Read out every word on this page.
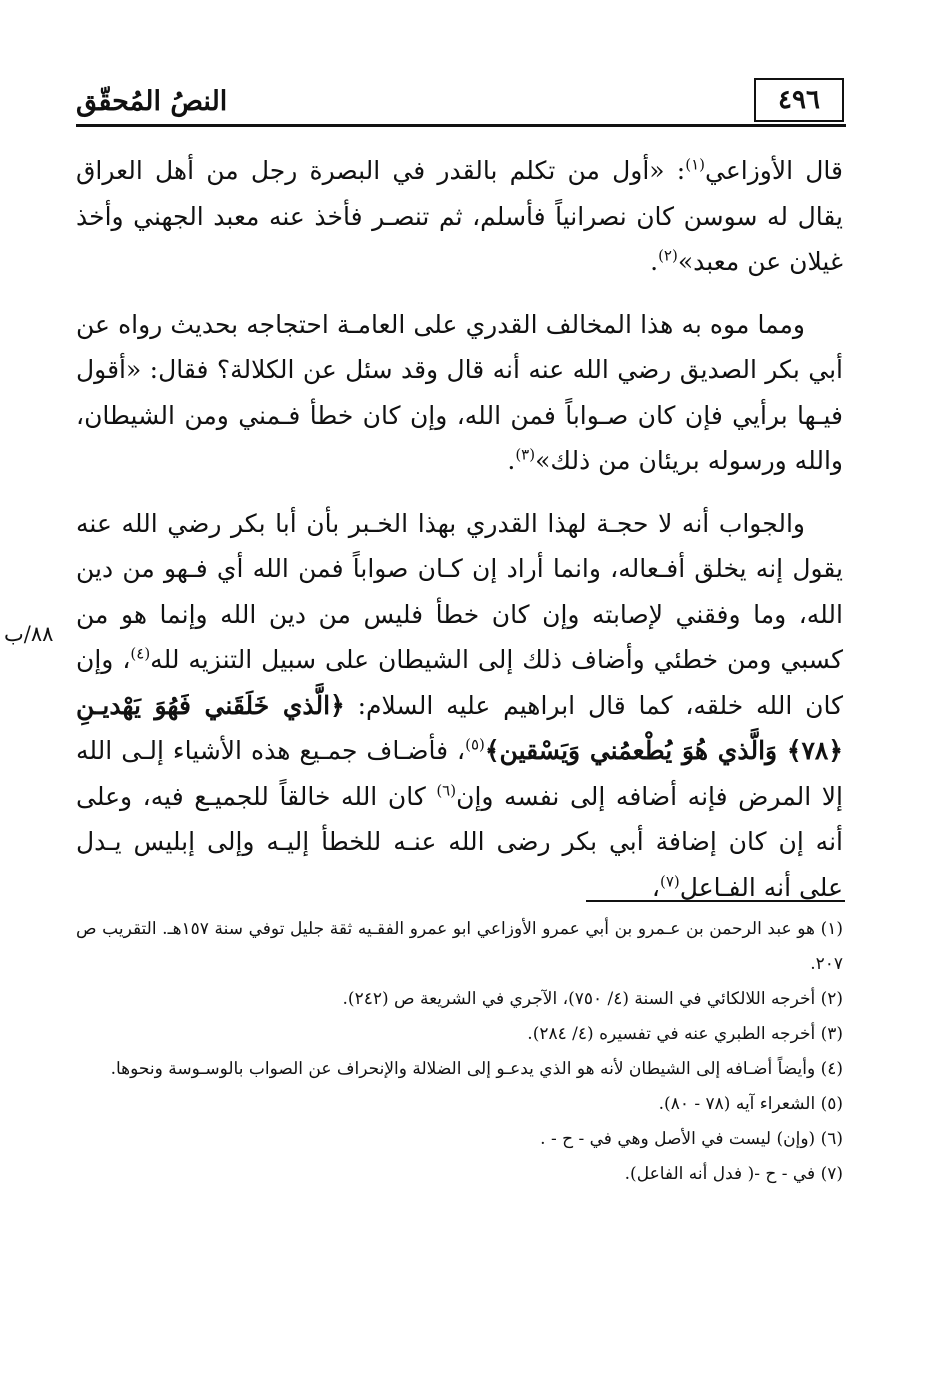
النصُ المُحقّق	٤٩٦
٨٨/ب

قال الأوزاعي$^{(١)}$: «أول من تكلم بالقدر في البصرة رجل من أهل العراق يقال له سوسن كان نصرانياً فأسلم، ثم تنصـر فأخذ عنه معبد الجهني وأخذ غيلان عن معبد»$^{(٢)}$.

ومما موه به هذا المخالف القدري على العامـة احتجاجه بحديث رواه عن أبي بكر الصديق رضي الله عنه أنه قال وقد سئل عن الكلالة؟ فقال: «أقول فيـها برأيي فإن كان صـواباً فمن الله، وإن كان خطأ فـمني ومن الشيطان، والله ورسوله بريئان من ذلك»$^{(٣)}$.

والجواب أنه لا حجـة لهذا القدري بهذا الخـبر بأن أبا بكر رضي الله عنه يقول إنه يخلق أفـعاله، وانما أراد إن كـان صواباً فمن الله أي فـهو من دين الله، وما وفقني لإصابته وإن كان خطأ فليس من دين الله وإنما هو من كسبي ومن خطئي وأضاف ذلك إلى الشيطان على سبيل التنزيه لله$^{(٤)}$، وإن كان الله خلقه، كما قال ابراهيم عليه السلام: ﴿الَّذي خَلَقَني فَهُوَ يَهْديـنِ ﴿٧٨﴾ وَالَّذي هُوَ يُطْعمُني وَيَسْقين﴾$^{(٥)}$، فأضـاف جمـيع هذه الأشياء إلـى الله إلا المرض فإنه أضافه إلى نفسه وإن$^{(٦)}$ كان الله خالقاً للجميـع فيه، وعلى أنه إن كان إضافة أبي بكر رضى الله عنـه للخطأ إليـه وإلى إبليس يـدل على أنه الفـاعل$^{(٧)}$،

(١) هو عبد الرحمن بن عـمرو بن أبي عمرو الأوزاعي ابو عمرو الفقـيه ثقة جليل توفي سنة ١٥٧هـ. التقريب ص ٢٠٧.

(٢) أخرجه اللالكائي في السنة (٤/ ٧٥٠)، الآجري في الشريعة ص (٢٤٢).

(٣) أخرجه الطبري عنه في تفسيره (٤/ ٢٨٤).

(٤) وأيضاً أضـافه إلى الشيطان لأنه هو الذي يدعـو إلى الضلالة والإنحراف عن الصواب بالوسـوسة ونحوها.

(٥) الشعراء آيه (٧٨ - ٨٠).

(٦) (وإن) ليست في الأصل وهي في - ح - .

(٧) في - ح -( فدل أنه الفاعل).
